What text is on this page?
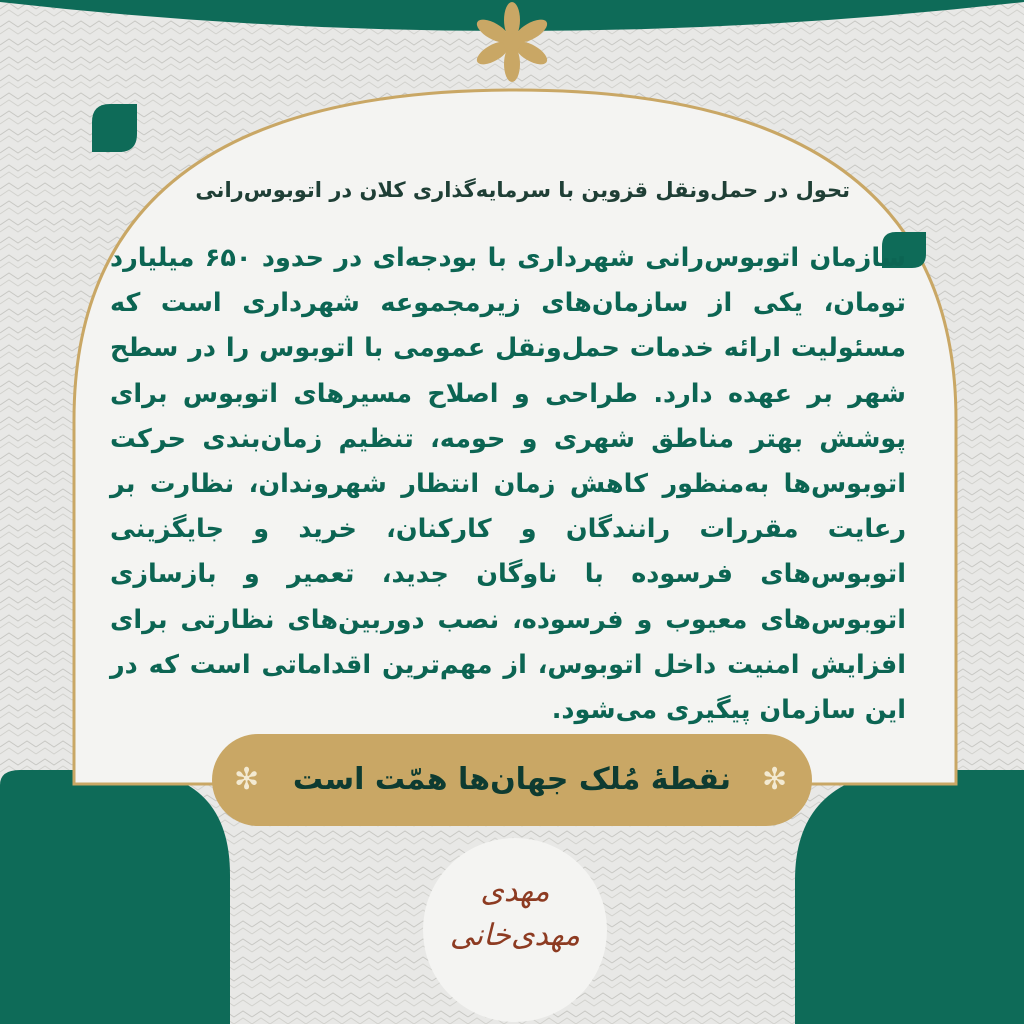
تحول در حمل‌ونقل قزوین با سرمایه‌گذاری کلان در اتوبوس‌رانی
سازمان اتوبوس‌رانی شهرداری با بودجه‌ای در حدود ۶۵۰ میلیارد تومان، یکی از سازمان‌های زیرمجموعه شهرداری است که مسئولیت ارائه خدمات حمل‌ونقل عمومی با اتوبوس را در سطح شهر بر عهده دارد. طراحی و اصلاح مسیرهای اتوبوس برای پوشش بهتر مناطق شهری و حومه، تنظیم زمان‌بندی حرکت اتوبوس‌ها به‌منظور کاهش زمان انتظار شهروندان، نظارت بر رعایت مقررات رانندگان و کارکنان، خرید و جایگزینی اتوبوس‌های فرسوده با ناوگان جدید، تعمیر و بازسازی اتوبوس‌های معیوب و فرسوده، نصب دوربین‌های نظارتی برای افزایش امنیت داخل اتوبوس، از مهم‌ترین اقداماتی است که در این سازمان پیگیری می‌شود.
نقطۀ مُلک جهان‌ها همّت است
✻	✻
مهدی مهدی‌خانی
